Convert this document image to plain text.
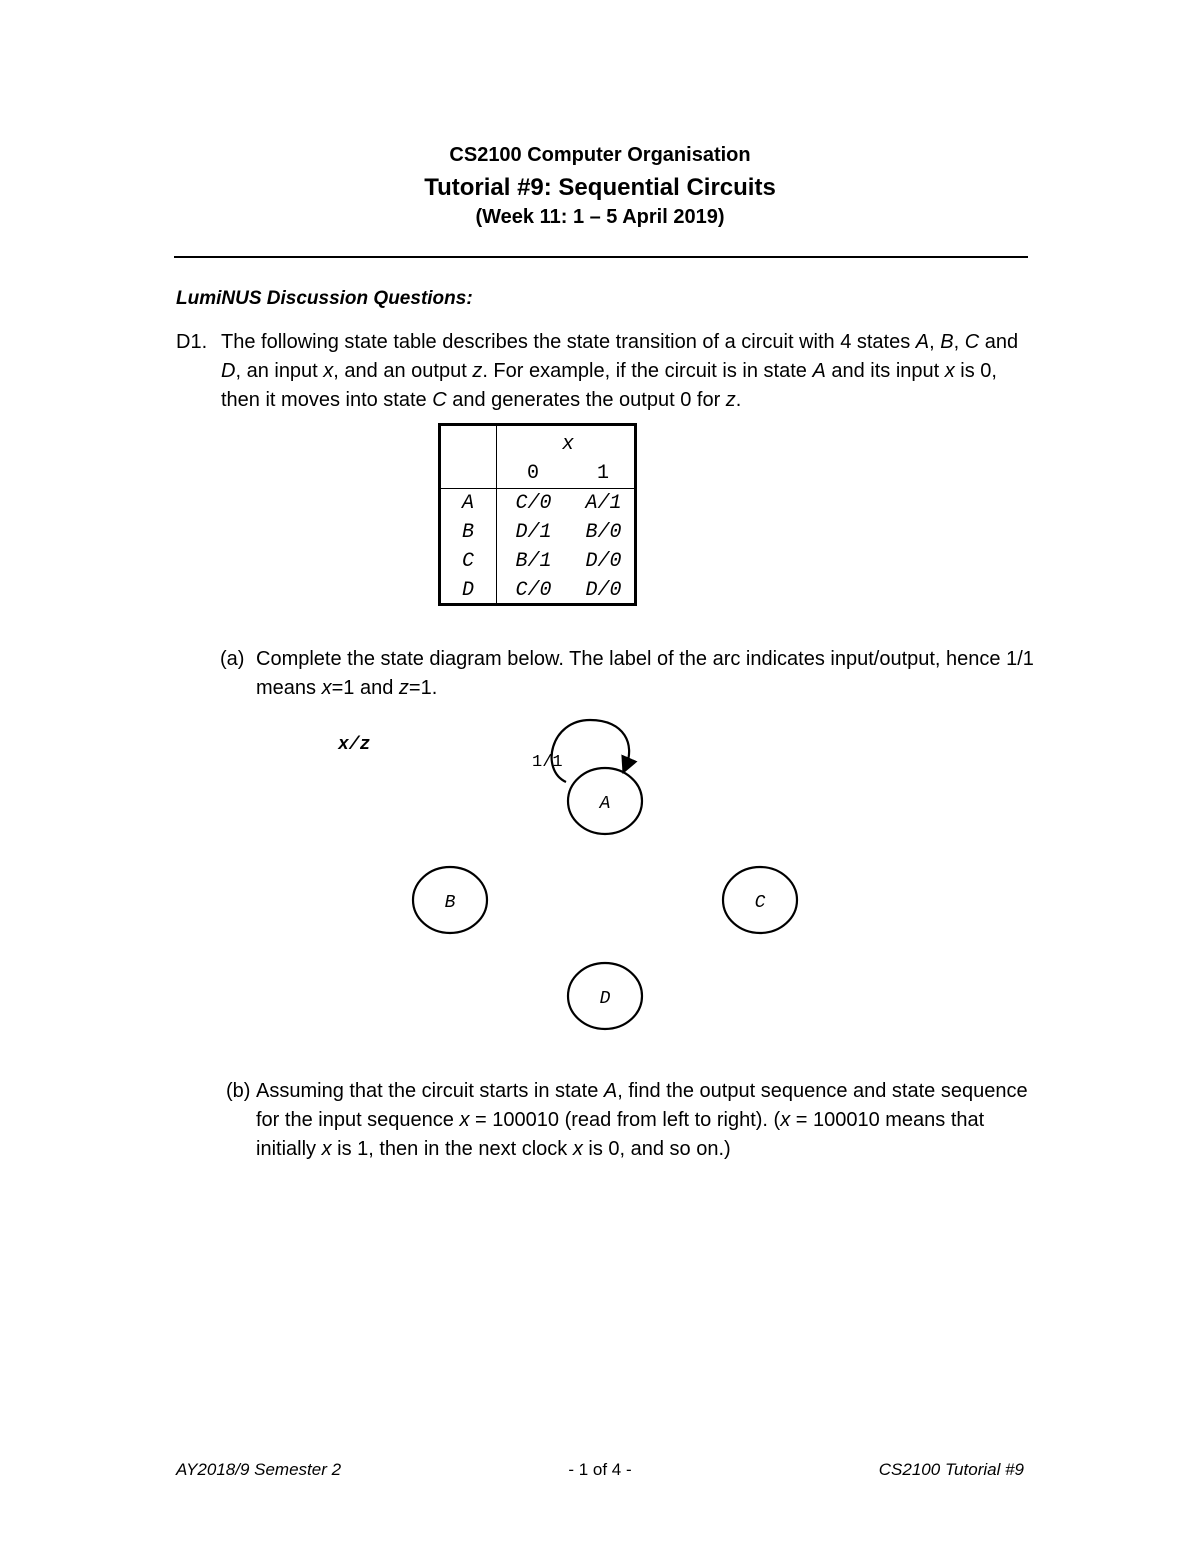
CS2100 Computer Organisation
Tutorial #9: Sequential Circuits
(Week 11: 1 – 5 April 2019)
LumiNUS Discussion Questions:
D1. The following state table describes the state transition of a circuit with 4 states A, B, C and D, an input x, and an output z. For example, if the circuit is in state A and its input x is 0, then it moves into state C and generates the output 0 for z.
x
0	1
A	C/0	A/1
B	D/1	B/0
C	B/1	D/0
D	C/0	D/0
(a) Complete the state diagram below. The label of the arc indicates input/output, hence 1/1 means x=1 and z=1.
x/z
1/1
A
B	C
D
(b) Assuming that the circuit starts in state A, find the output sequence and state sequence for the input sequence x = 100010 (read from left to right). (x = 100010 means that initially x is 1, then in the next clock x is 0, and so on.)
AY2018/9 Semester 2	- 1 of 4 -	CS2100 Tutorial #9
